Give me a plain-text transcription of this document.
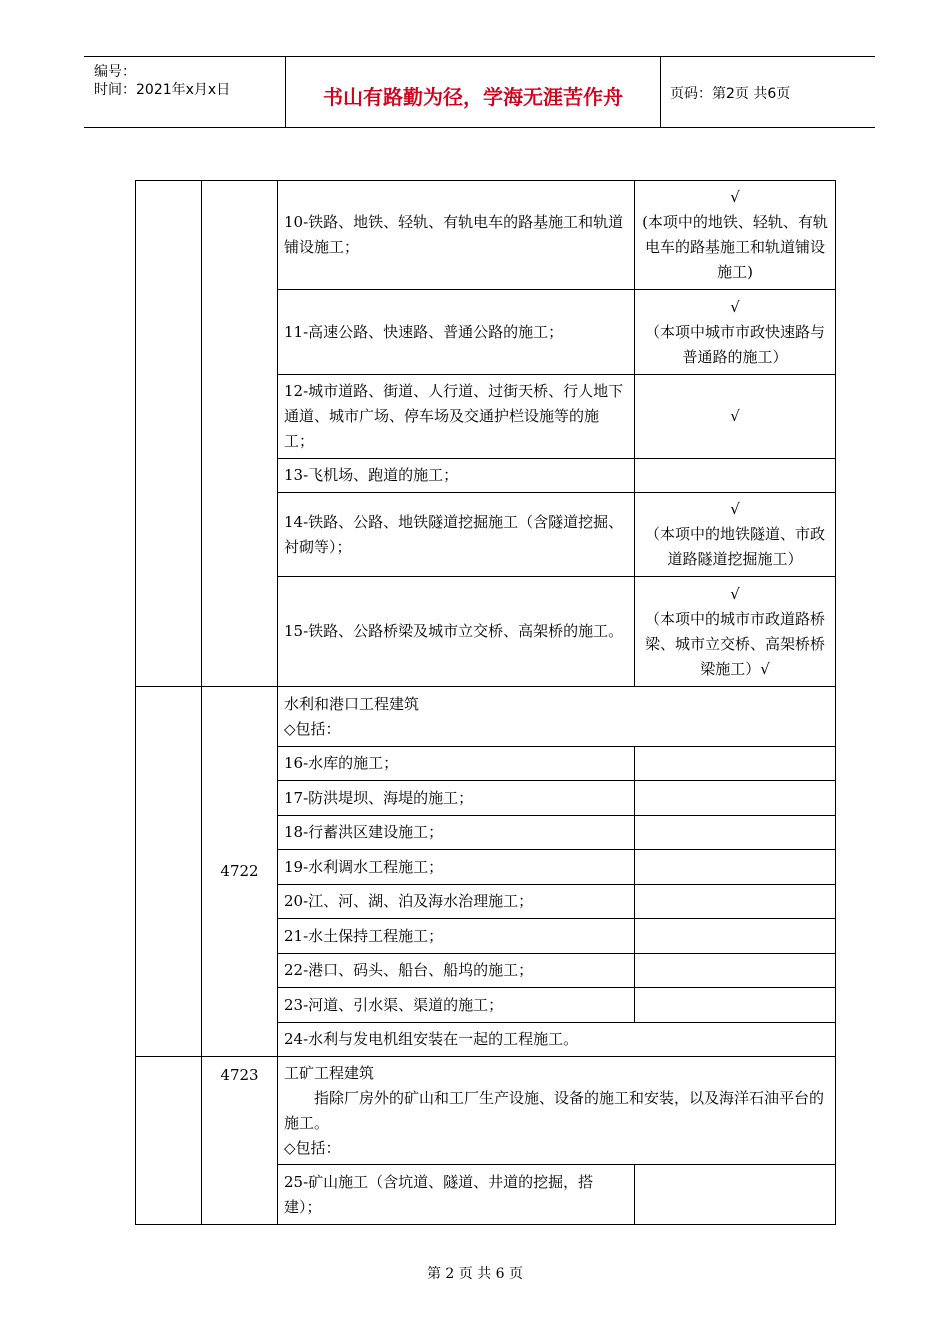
编号：
时间：2021年x月x日	书山有路勤为径，学海无涯苦作舟	页码：第2页 共6页
		10-铁路、地铁、轻轨、有轨电车的路基施工和轨道铺设施工；	√
(本项中的地铁、轻轨、有轨电车的路基施工和轨道铺设施工)

		11-高速公路、快速路、普通公路的施工；	√
（本项中城市市政快速路与普通路的施工）

		12-城市道路、街道、人行道、过街天桥、行人地下通道、城市广场、停车场及交通护栏设施等的施工；	√

		13-飞机场、跑道的施工；	
		14-铁路、公路、地铁隧道挖掘施工（含隧道挖掘、衬砌等）；	√
（本项中的地铁隧道、市政道路隧道挖掘施工）

		15-铁路、公路桥梁及城市立交桥、高架桥的施工。	√
（本项中的城市市政道路桥梁、城市立交桥、高架桥桥梁施工）√

	4722	水利和港口工程建筑
◇包括：	

		16-水库的施工；	
		17-防洪堤坝、海堤的施工；	
		18-行蓄洪区建设施工；	
		19-水利调水工程施工；	
		20-江、河、湖、泊及海水治理施工；	
		21-水土保持工程施工；	
		22-港口、码头、船台、船坞的施工；	
		23-河道、引水渠、渠道的施工；	
		24-水利与发电机组安装在一起的工程施工。	
	4723	工矿工程建筑
指除厂房外的矿山和工厂生产设施、设备的施工和安装，以及海洋石油平台的施工。
◇包括：	

		25-矿山施工（含坑道、隧道、井道的挖掘，搭建）；	
第 2 页 共 6 页
